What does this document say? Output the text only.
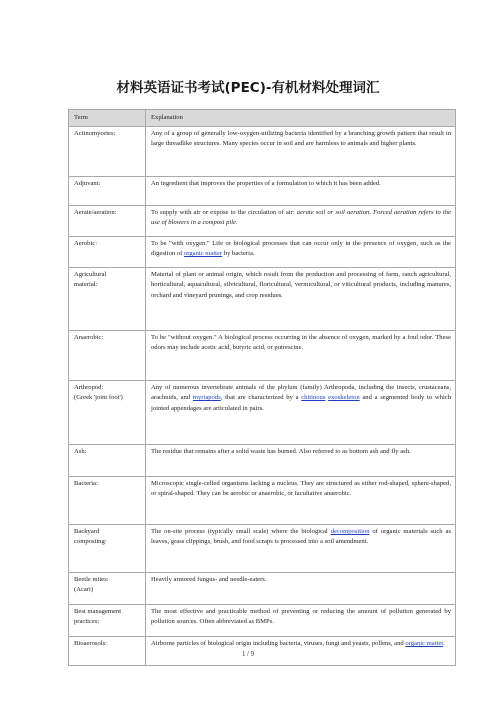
材料英语证书考试(PEC)-有机材料处理词汇
Term	Explanation
Actinomycetes:	Any of a group of generally low-oxygen-utilizing bacteria identified by a branching growth pattern that result in large threadlike structures. Many species occur in soil and are harmless to animals and higher plants.
Adjuvant:	An ingredient that improves the properties of a formulation to which it has been added.
Aerate/aeration:	To supply with air or expose to the circulation of air: aerate soil or soil aeration. Forced aeration refers to the use of blowers in a compost pile.
Aerobic:	To be "with oxygen." Life or biological processes that can occur only in the presence of oxygen, such as the digestion of organic matter by bacteria.
Agricultural
material:	Material of plant or animal origin, which result from the production and processing of farm, ranch agricultural, horticultural, aquacultural, silvicultural, floricultural, vermicultural, or viticultural products, including manures, orchard and vineyard prunings, and crop residues.
Anaerobic:	To be "without oxygen." A biological process occurring in the absence of oxygen, marked by a foul odor. These odors may include acetic acid, butyric acid, or putrescine.
Arthropod:
(Greek 'joint foot')	Any of numerous invertebrate animals of the phylum (family) Arthropoda, including the insects, crustaceans, arachnids, and myriapods, that are characterized by a chitinous exoskeleton and a segmented body to which jointed appendages are articulated in pairs.
Ash:	The residue that remains after a solid waste has burned. Also referred to as bottom ash and fly ash.
Bacteria:	Microscopic single-celled organisms lacking a nucleus. They are structured as either rod-shaped, sphere-shaped, or spiral-shaped. They can be aerobic or anaerobic, or facultative anaerobic.
Backyard
composting:	The on-site process (typically small scale) where the biological decomposition of organic materials such as leaves, grass clippings, brush, and food scraps is processed into a soil amendment.
Beetle mites:
(Acari)	Heavily armored fungus- and needle-eaters.
Best management
practices:	The most effective and practicable method of preventing or reducing the amount of pollution generated by pollution sources. Often abbreviated as BMPs.
Bioaerosols:	Airborne particles of biological origin including bacteria, viruses, fungi and yeasts, pollens, and organic matter.
1 / 9
